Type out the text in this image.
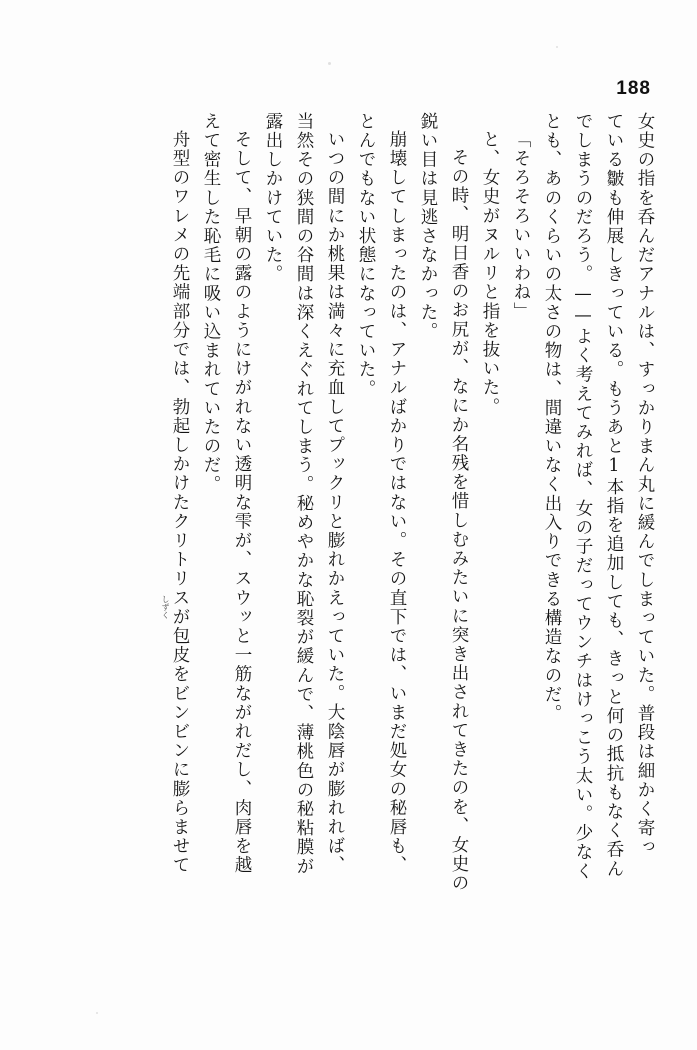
188
女史の指を呑んだアナルは、すっかりまん丸に緩んでしまっていた。普段は細かく寄っ
ている皺も伸展しきっている。もうあと1本指を追加しても、きっと何の抵抗もなく呑ん
でしまうのだろう。——よく考えてみれば、女の子だってウンチはけっこう太い。少なく
とも、あのくらいの太さの物は、間違いなく出入りできる構造なのだ。
「そろそろいいわね」
と、女史がヌルリと指を抜いた。
その時、明日香のお尻が、なにか名残を惜しむみたいに突き出されてきたのを、女史の
鋭い目は見逃さなかった。
崩壊してしまったのは、アナルばかりではない。その直下では、いまだ処女の秘唇も、
とんでもない状態になっていた。
いつの間にか桃果は満々に充血してプックリと膨れかえっていた。大陰唇が膨れれば、
当然その狭間の谷間は深くえぐれてしまう。秘めやかな恥裂が緩んで、薄桃色の秘粘膜が
露出しかけていた。
そして、早朝の露のようにけがれない透明な雫が、スウッと一筋ながれだし、肉唇を越
えて密生した恥毛に吸い込まれていたのだ。
舟型のワレメの先端部分では、勃起しかけたクリトリスが包皮をビンビンに膨らませて
しずく
